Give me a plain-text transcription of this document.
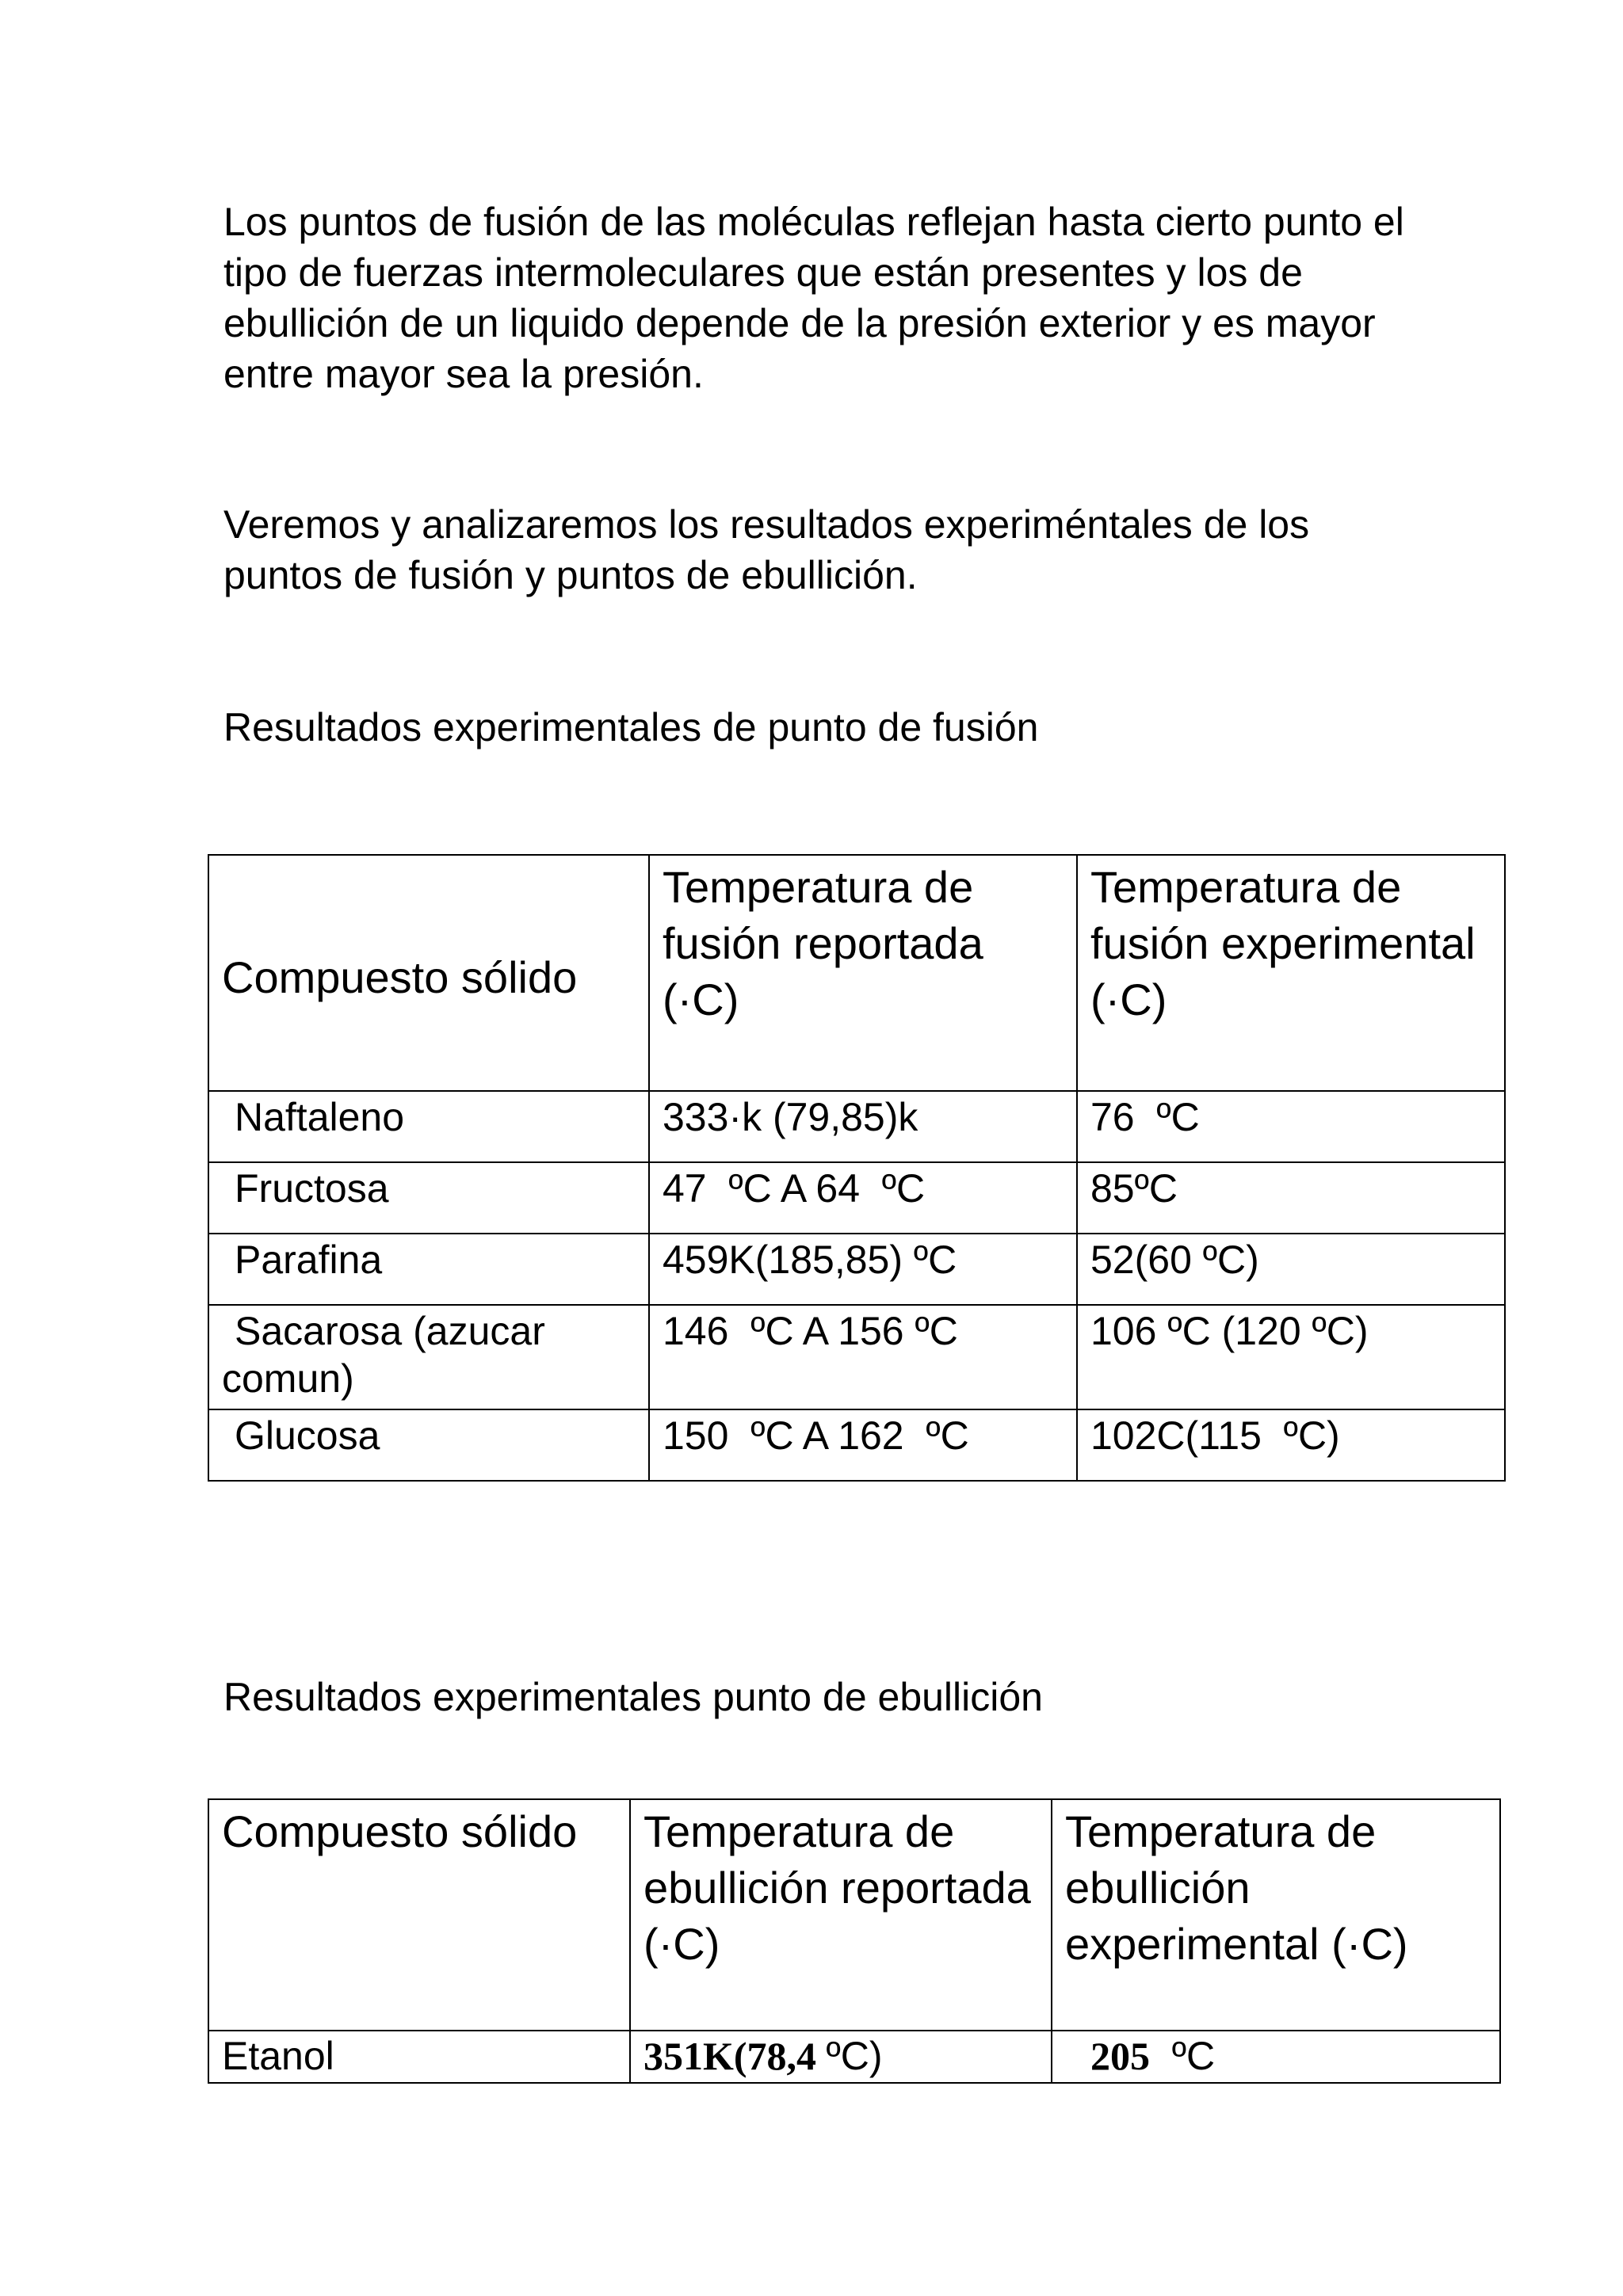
Los puntos de fusión de las moléculas reflejan hasta cierto punto el tipo de fuerzas intermoleculares que están presentes y los de ebullición de un liquido depende de la presión exterior y es mayor entre mayor sea la presión.

Veremos y analizaremos los resultados experiméntales de los puntos de fusión y puntos de ebullición.

Resultados experimentales de punto de fusión

Compuesto sólido	Temperatura de fusión reportada (·C)	Temperatura de fusión experimental (·C)
Naftaleno	333·k (79,85)k	76  ºC
Fructosa	47  ºC A 64  ºC	85ºC
Parafina	459K(185,85) ºC	52(60 ºC)
Sacarosa (azucar comun)	146  ºC A 156 ºC	106 ºC (120 ºC)
Glucosa	150  ºC A 162  ºC	102C(115  ºC)

Resultados experimentales punto de ebullición

Compuesto sólido	Temperatura de ebullición reportada (·C)	Temperatura de ebullición experimental (·C)
Etanol	351K(78,4 ºC)	205  ºC
